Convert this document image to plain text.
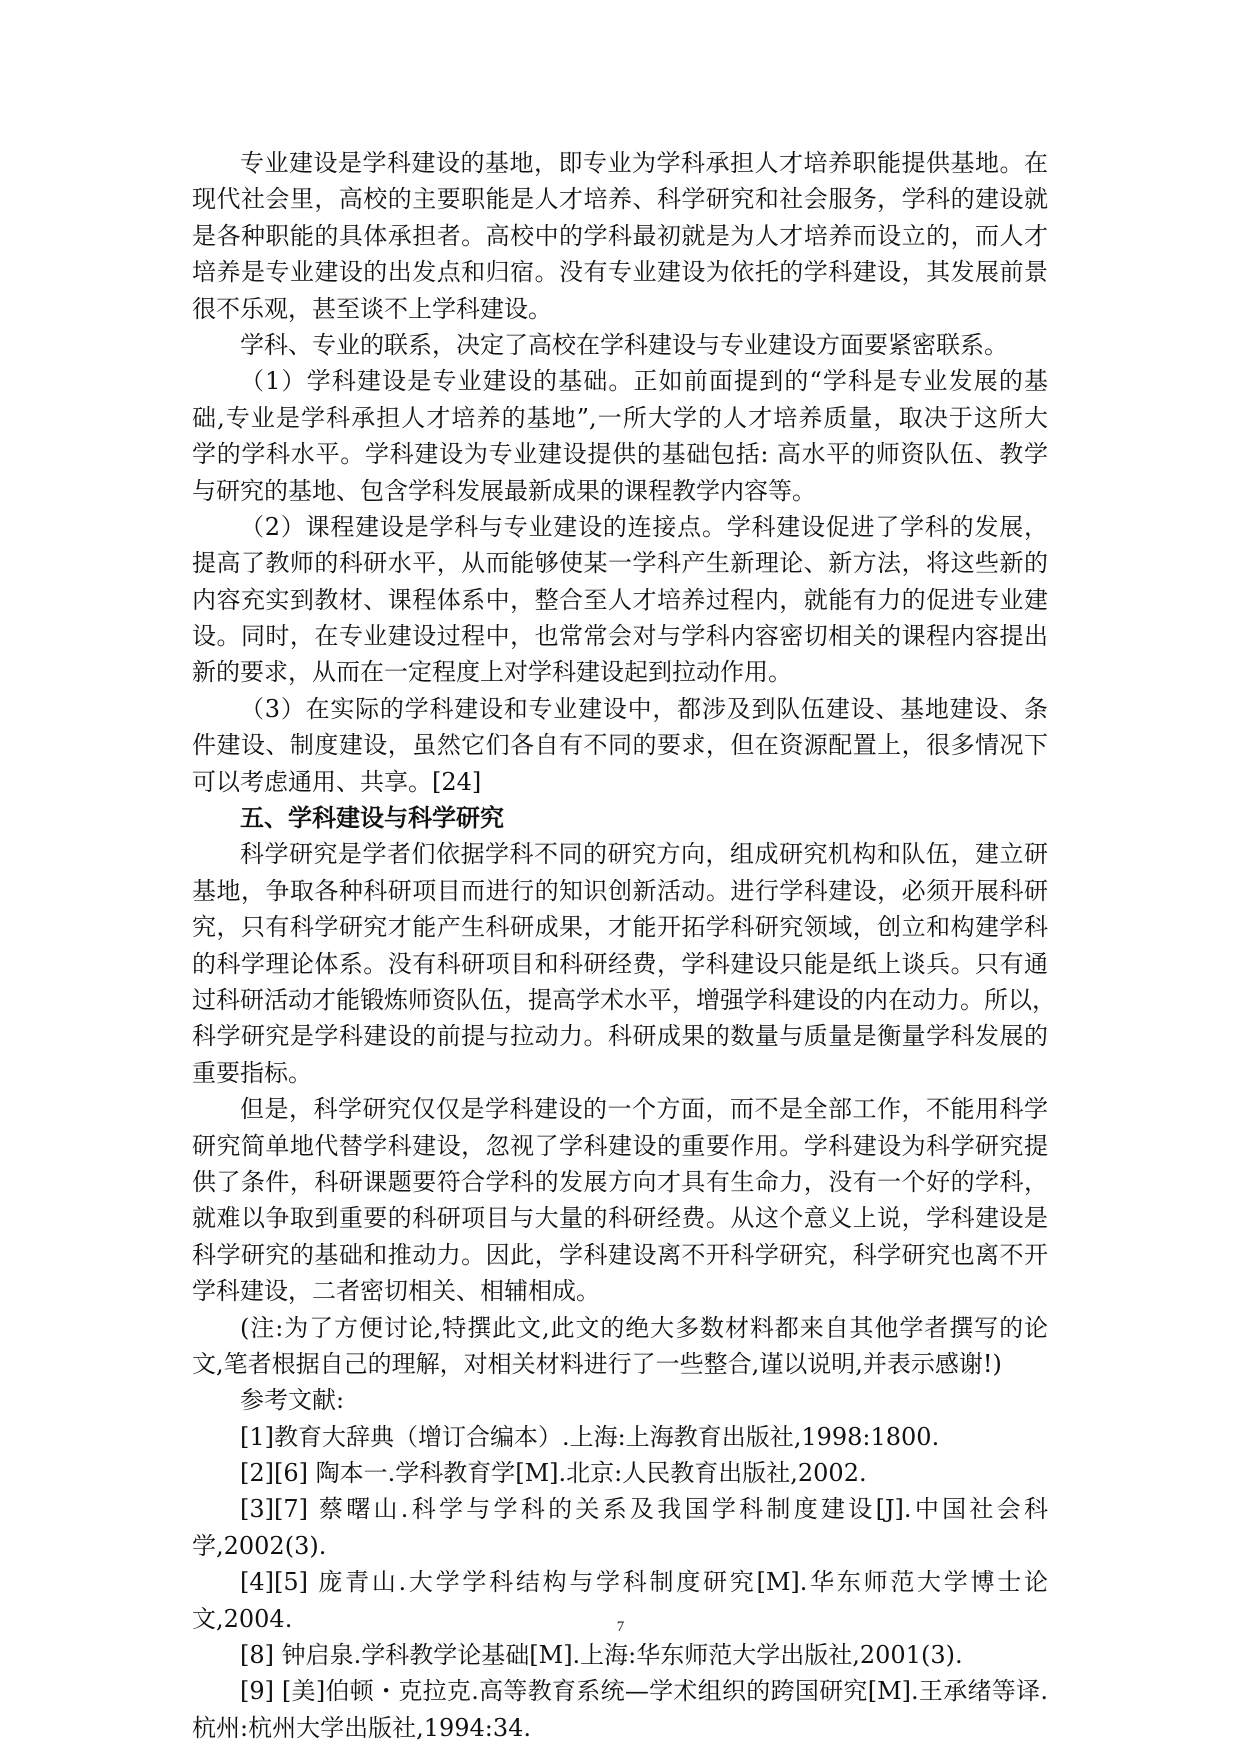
专业建设是学科建设的基地，即专业为学科承担人才培养职能提供基地。在
现代社会里，高校的主要职能是人才培养、科学研究和社会服务，学科的建设就
是各种职能的具体承担者。高校中的学科最初就是为人才培养而设立的，而人才
培养是专业建设的出发点和归宿。没有专业建设为依托的学科建设，其发展前景
很不乐观，甚至谈不上学科建设。
学科、专业的联系，决定了高校在学科建设与专业建设方面要紧密联系。
（1）学科建设是专业建设的基础。正如前面提到的“学科是专业发展的基
础,专业是学科承担人才培养的基地”,一所大学的人才培养质量，取决于这所大
学的学科水平。学科建设为专业建设提供的基础包括: 高水平的师资队伍、教学
与研究的基地、包含学科发展最新成果的课程教学内容等。
（2）课程建设是学科与专业建设的连接点。学科建设促进了学科的发展，
提高了教师的科研水平，从而能够使某一学科产生新理论、新方法，将这些新的
内容充实到教材、课程体系中，整合至人才培养过程内，就能有力的促进专业建
设。同时，在专业建设过程中，也常常会对与学科内容密切相关的课程内容提出
新的要求，从而在一定程度上对学科建设起到拉动作用。
（3）在实际的学科建设和专业建设中，都涉及到队伍建设、基地建设、条
件建设、制度建设，虽然它们各自有不同的要求，但在资源配置上，很多情况下
可以考虑通用、共享。[24]
五、学科建设与科学研究
科学研究是学者们依据学科不同的研究方向，组成研究机构和队伍，建立研
基地，争取各种科研项目而进行的知识创新活动。进行学科建设，必须开展科研
究，只有科学研究才能产生科研成果，才能开拓学科研究领域，创立和构建学科
的科学理论体系。没有科研项目和科研经费，学科建设只能是纸上谈兵。只有通
过科研活动才能锻炼师资队伍，提高学术水平，增强学科建设的内在动力。所以，
科学研究是学科建设的前提与拉动力。科研成果的数量与质量是衡量学科发展的
重要指标。
但是，科学研究仅仅是学科建设的一个方面，而不是全部工作，不能用科学
研究简单地代替学科建设，忽视了学科建设的重要作用。学科建设为科学研究提
供了条件，科研课题要符合学科的发展方向才具有生命力，没有一个好的学科，
就难以争取到重要的科研项目与大量的科研经费。从这个意义上说，学科建设是
科学研究的基础和推动力。因此，学科建设离不开科学研究，科学研究也离不开
学科建设，二者密切相关、相辅相成。
(注:为了方便讨论,特撰此文,此文的绝大多数材料都来自其他学者撰写的论
文,笔者根据自己的理解，对相关材料进行了一些整合,谨以说明,并表示感谢!)
参考文献:
[1]教育大辞典（增订合编本）.上海:上海教育出版社,1998:1800.
[2][6] 陶本一.学科教育学[M].北京:人民教育出版社,2002.
[3][7] 蔡曙山.科学与学科的关系及我国学科制度建设[J].中国社会科
学,2002(3).
[4][5] 庞青山.大学学科结构与学科制度研究[M].华东师范大学博士论
文,2004.
[8] 钟启泉.学科教学论基础[M].上海:华东师范大学出版社,2001(3).
[9] [美]伯顿・克拉克.高等教育系统—学术组织的跨国研究[M].王承绪等译.
杭州:杭州大学出版社,1994:34.
7
